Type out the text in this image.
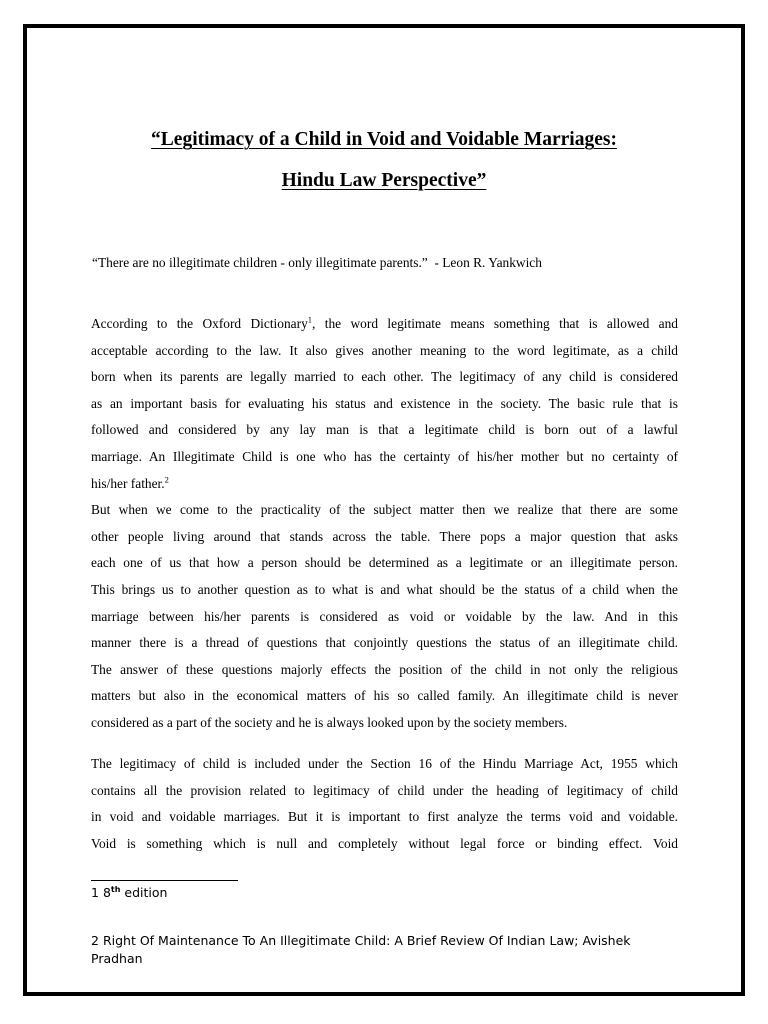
“Legitimacy of a Child in Void and Voidable Marriages:
Hindu Law Perspective”

“There are no illegitimate children - only illegitimate parents.”  - Leon R. Yankwich

According to the Oxford Dictionary$^1$, the word legitimate means something that is allowed and
acceptable according to the law. It also gives another meaning to the word legitimate, as a child
born when its parents are legally married to each other. The legitimacy of any child is considered
as an important basis for evaluating his status and existence in the society. The basic rule that is
followed and considered by any lay man is that a legitimate child is born out of a lawful
marriage. An Illegitimate Child is one who has the certainty of his/her mother but no certainty of
his/her father.$^2$
But when we come to the practicality of the subject matter then we realize that there are some
other people living around that stands across the table. There pops a major question that asks
each one of us that how a person should be determined as a legitimate or an illegitimate person.
This brings us to another question as to what is and what should be the status of a child when the
marriage between his/her parents is considered as void or voidable by the law. And in this
manner there is a thread of questions that conjointly questions the status of an illegitimate child.
The answer of these questions majorly effects the position of the child in not only the religious
matters but also in the economical matters of his so called family. An illegitimate child is never
considered as a part of the society and he is always looked upon by the society members.
The legitimacy of child is included under the Section 16 of the Hindu Marriage Act, 1955 which
contains all the provision related to legitimacy of child under the heading of legitimacy of child
in void and voidable marriages. But it is important to first analyze the terms void and voidable.
Void is something which is null and completely without legal force or binding effect. Void

1 8th edition

2 Right Of Maintenance To An Illegitimate Child: A Brief Review Of Indian Law; Avishek Pradhan
